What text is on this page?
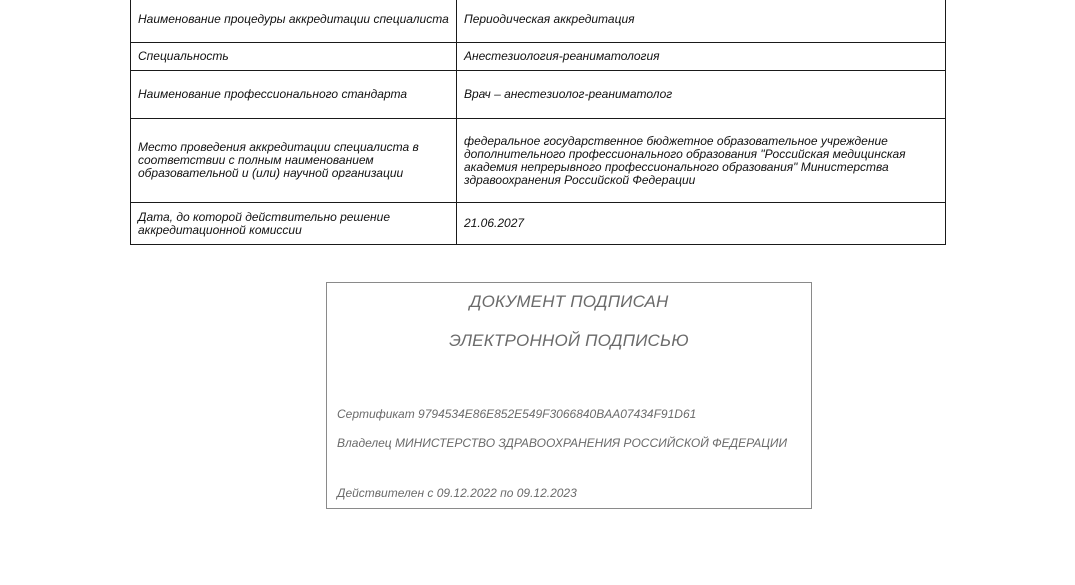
Наименование процедуры аккредитации специалиста	Периодическая аккредитация
Специальность	Анестезиология-реаниматология
Наименование профессионального стандарта	Врач – анестезиолог-реаниматолог
Место проведения аккредитации специалиста в соответствии с полным наименованием образовательной и (или) научной организации	федеральное государственное бюджетное образовательное учреждение дополнительного профессионального образования "Российская медицинская академия непрерывного профессионального образования" Министерства здравоохранения Российской Федерации
Дата, до которой действительно решение аккредитационной комиссии	21.06.2027
ДОКУМЕНТ ПОДПИСАН
ЭЛЕКТРОННОЙ ПОДПИСЬЮ
Сертификат 9794534E86E852E549F3066840BAA07434F91D61
Владелец МИНИСТЕРСТВО ЗДРАВООХРАНЕНИЯ РОССИЙСКОЙ ФЕДЕРАЦИИ
Действителен с 09.12.2022 по 09.12.2023
